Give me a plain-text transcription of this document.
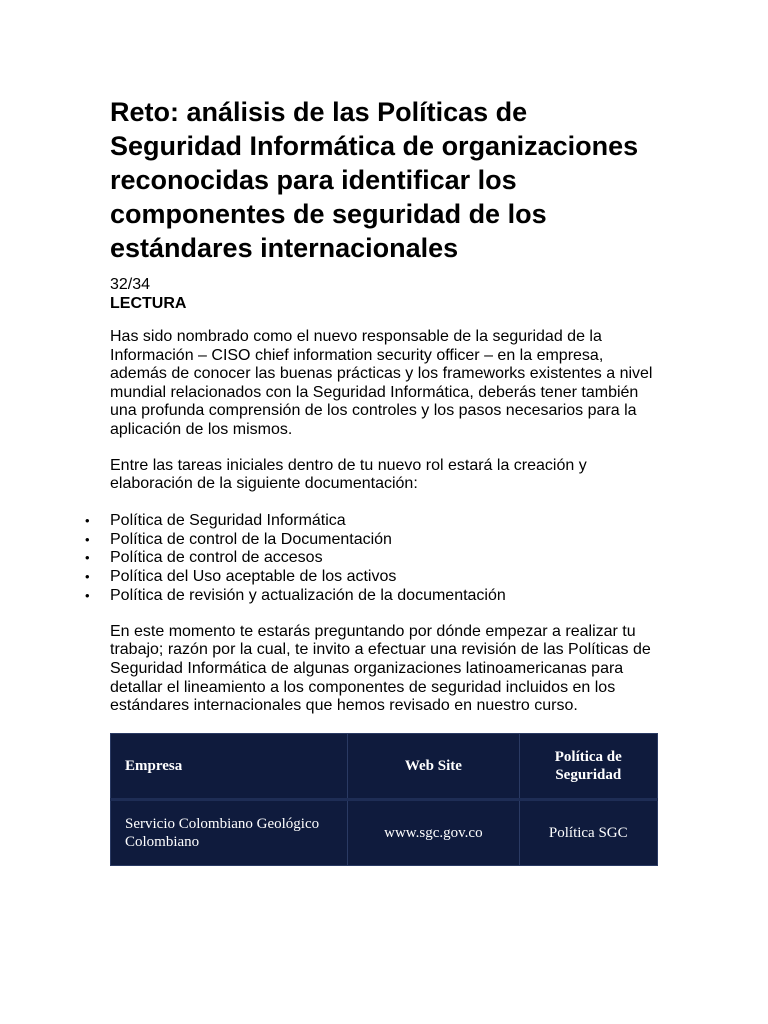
Reto: análisis de las Políticas de Seguridad Informática de organizaciones reconocidas para identificar los componentes de seguridad de los estándares internacionales
32/34
LECTURA

Has sido nombrado como el nuevo responsable de la seguridad de la Información – CISO chief information security officer – en la empresa, además de conocer las buenas prácticas y los frameworks existentes a nivel mundial relacionados con la Seguridad Informática, deberás tener también una profunda comprensión de los controles y los pasos necesarios para la aplicación de los mismos.

Entre las tareas iniciales dentro de tu nuevo rol estará la creación y elaboración de la siguiente documentación:

• Política de Seguridad Informática
• Política de control de la Documentación
• Política de control de accesos
• Política del Uso aceptable de los activos
• Política de revisión y actualización de la documentación

En este momento te estarás preguntando por dónde empezar a realizar tu trabajo; razón por la cual, te invito a efectuar una revisión de las Políticas de Seguridad Informática de algunas organizaciones latinoamericanas para detallar el lineamiento a los componentes de seguridad incluidos en los estándares internacionales que hemos revisado en nuestro curso.

Empresa	Web Site	Política de Seguridad
Servicio Colombiano Geológico Colombiano	www.sgc.gov.co	Política SGC
